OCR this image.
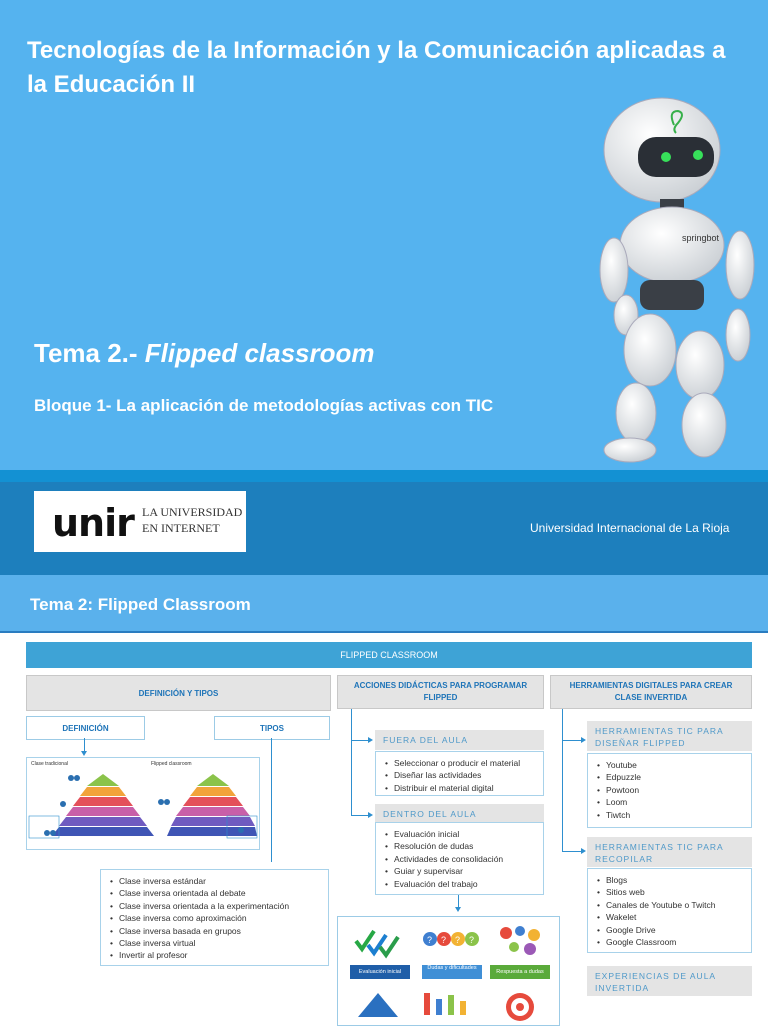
Tecnologías de la Información y la Comunicación aplicadas a la Educación II
springbot
Tema 2.- Flipped classroom
Bloque 1- La aplicación de metodologías activas con TIC
unir LA UNIVERSIDAD
EN INTERNET	Universidad Internacional de La Rioja
Tema 2: Flipped Classroom
FLIPPED CLASSROOM
DEFINICIÓN Y TIPOS
DEFINICIÓN	TIPOS
Clase tradicional	Flipped classroom
• Clase inversa estándar
• Clase inversa orientada al debate
• Clase inversa orientada a la experimentación
• Clase inversa como aproximación
• Clase inversa basada en grupos
• Clase inversa virtual
• Invertir al profesor
ACCIONES DIDÁCTICAS PARA PROGRAMAR FLIPPED
FUERA DEL AULA
• Seleccionar o producir el material
• Diseñar las actividades
• Distribuir el material digital
DENTRO DEL AULA
• Evaluación inicial
• Resolución de dudas
• Actividades de consolidación
• Guiar y supervisar
• Evaluación del trabajo
? ? ? ?
Evaluación inicial
Dudas y dificultades
Respuesta a dudas
HERRAMIENTAS DIGITALES PARA CREAR CLASE INVERTIDA
HERRAMIENTAS TIC PARA DISEÑAR FLIPPED
• Youtube
• Edpuzzle
• Powtoon
• Loom
• Tiwtch
HERRAMIENTAS TIC PARA RECOPILAR
• Blogs
• Sitios web
• Canales de Youtube o Twitch
• Wakelet
• Google Drive
• Google Classroom
EXPERIENCIAS DE AULA INVERTIDA
